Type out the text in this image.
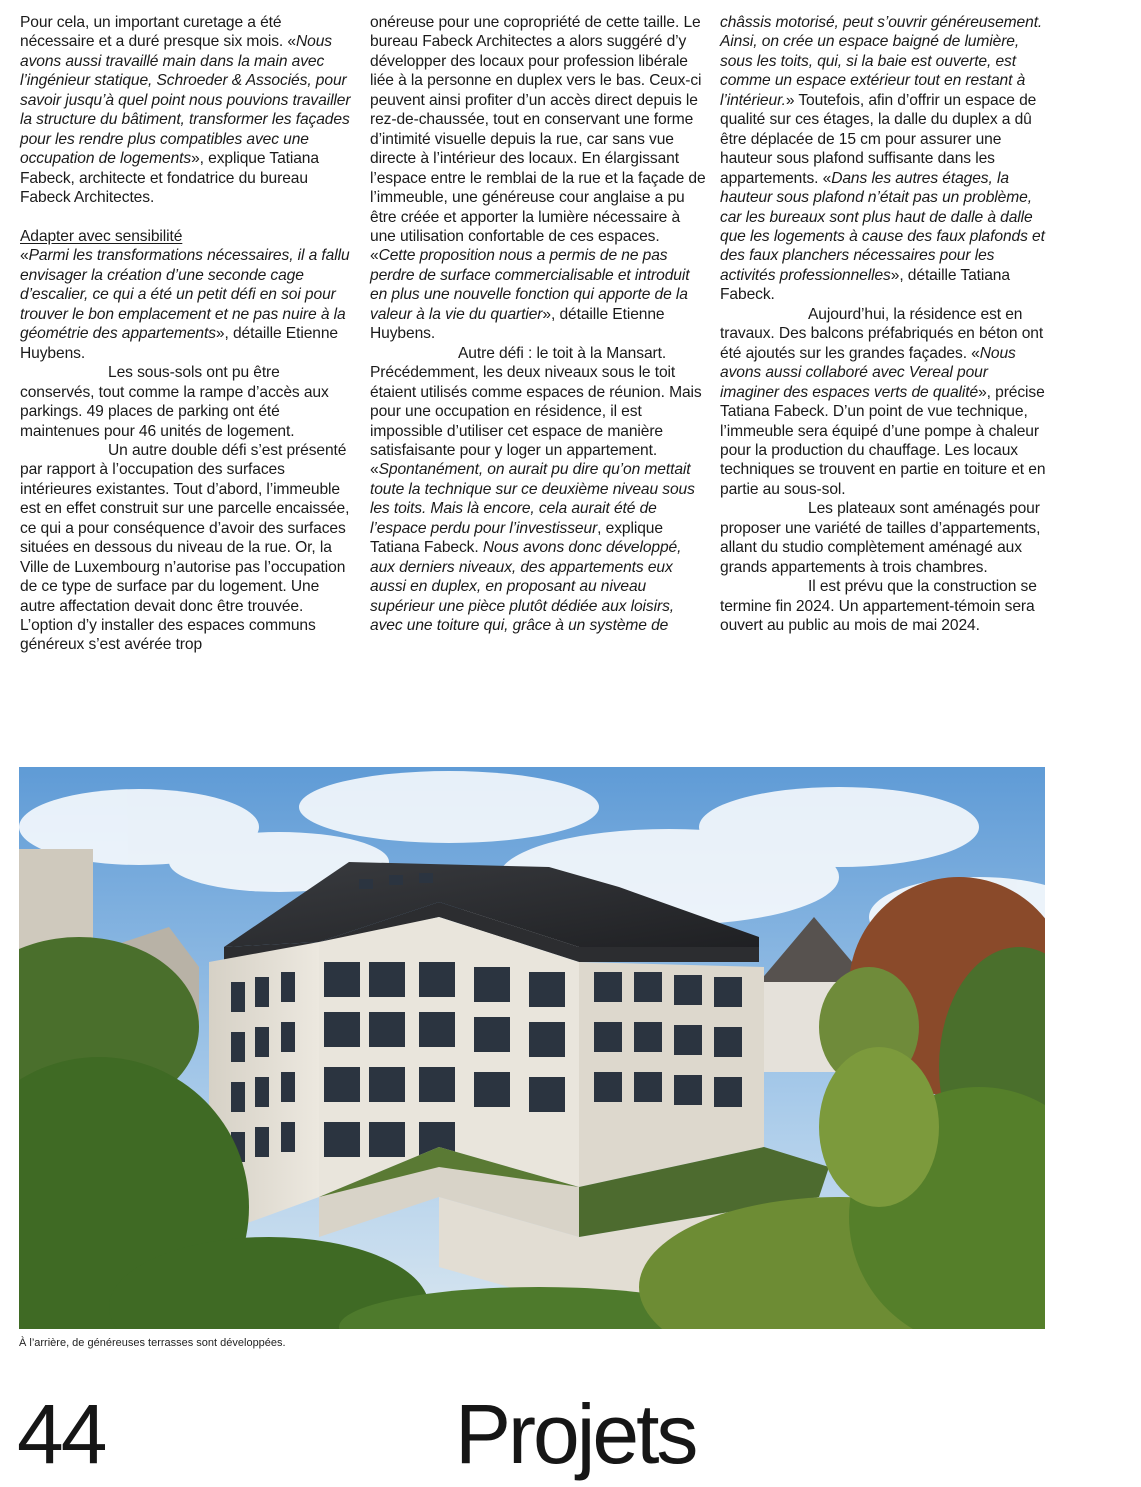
Pour cela, un important curetage a été nécessaire et a duré presque six mois. «Nous avons aussi travaillé main dans la main avec l’ingénieur statique, Schroeder & Associés, pour savoir jusqu’à quel point nous pouvions travailler la structure du bâtiment, transformer les façades pour les rendre plus compatibles avec une occupation de logements», explique Tatiana Fabeck, architecte et fondatrice du bureau Fabeck Architectes.

Adapter avec sensibilité

«Parmi les transformations nécessaires, il a fallu envisager la création d’une seconde cage d’escalier, ce qui a été un petit défi en soi pour trouver le bon emplacement et ne pas nuire à la géométrie des appartements», détaille Etienne Huybens.

Les sous-sols ont pu être conservés, tout comme la rampe d’accès aux parkings. 49 places de parking ont été maintenues pour 46 unités de logement.

Un autre double défi s’est présenté par rapport à l’occupation des surfaces intérieures existantes. Tout d’abord, l’immeuble est en effet construit sur une parcelle encaissée, ce qui a pour conséquence d’avoir des surfaces situées en dessous du niveau de la rue. Or, la Ville de Luxembourg n’autorise pas l’occupation de ce type de surface par du logement. Une autre affectation devait donc être trouvée. L’option d’y installer des espaces communs généreux s’est avérée trop

onéreuse pour une copropriété de cette taille. Le bureau Fabeck Architectes a alors suggéré d’y développer des locaux pour profession libérale liée à la personne en duplex vers le bas. Ceux-ci peuvent ainsi profiter d’un accès direct depuis le rez-de-chaussée, tout en conservant une forme d’intimité visuelle depuis la rue, car sans vue directe à l’intérieur des locaux. En élargissant l’espace entre le remblai de la rue et la façade de l’immeuble, une généreuse cour anglaise a pu être créée et apporter la lumière nécessaire à une utilisation confortable de ces espaces. «Cette proposition nous a permis de ne pas perdre de surface commercialisable et introduit en plus une nouvelle fonction qui apporte de la valeur à la vie du quartier», détaille Etienne Huybens.

Autre défi : le toit à la Mansart. Précédemment, les deux niveaux sous le toit étaient utilisés comme espaces de réunion. Mais pour une occupation en résidence, il est impossible d’utiliser cet espace de manière satisfaisante pour y loger un appartement. «Spontanément, on aurait pu dire qu’on mettait toute la technique sur ce deuxième niveau sous les toits. Mais là encore, cela aurait été de l’espace perdu pour l’investisseur, explique Tatiana Fabeck. Nous avons donc développé, aux derniers niveaux, des appartements eux aussi en duplex, en proposant au niveau supérieur une pièce plutôt dédiée aux loisirs, avec une toiture qui, grâce à un système de

châssis motorisé, peut s’ouvrir généreusement. Ainsi, on crée un espace baigné de lumière, sous les toits, qui, si la baie est ouverte, est comme un espace extérieur tout en restant à l’intérieur.» Toutefois, afin d’offrir un espace de qualité sur ces étages, la dalle du duplex a dû être déplacée de 15 cm pour assurer une hauteur sous plafond suffisante dans les appartements. «Dans les autres étages, la hauteur sous plafond n’était pas un problème, car les bureaux sont plus haut de dalle à dalle que les logements à cause des faux plafonds et des faux planchers nécessaires pour les activités professionnelles», détaille Tatiana Fabeck.

Aujourd’hui, la résidence est en travaux. Des balcons préfabriqués en béton ont été ajoutés sur les grandes façades. «Nous avons aussi collaboré avec Vereal pour imaginer des espaces verts de qualité», précise Tatiana Fabeck. D’un point de vue technique, l’immeuble sera équipé d’une pompe à chaleur pour la production du chauffage. Les locaux techniques se trouvent en partie en toiture et en partie au sous-sol.

Les plateaux sont aménagés pour proposer une variété de tailles d’appartements, allant du studio complètement aménagé aux grands appartements à trois chambres.

Il est prévu que la construction se termine fin 2024. Un appartement-témoin sera ouvert au public au mois de mai 2024.

À l’arrière, de généreuses terrasses sont développées.
44	Projets
